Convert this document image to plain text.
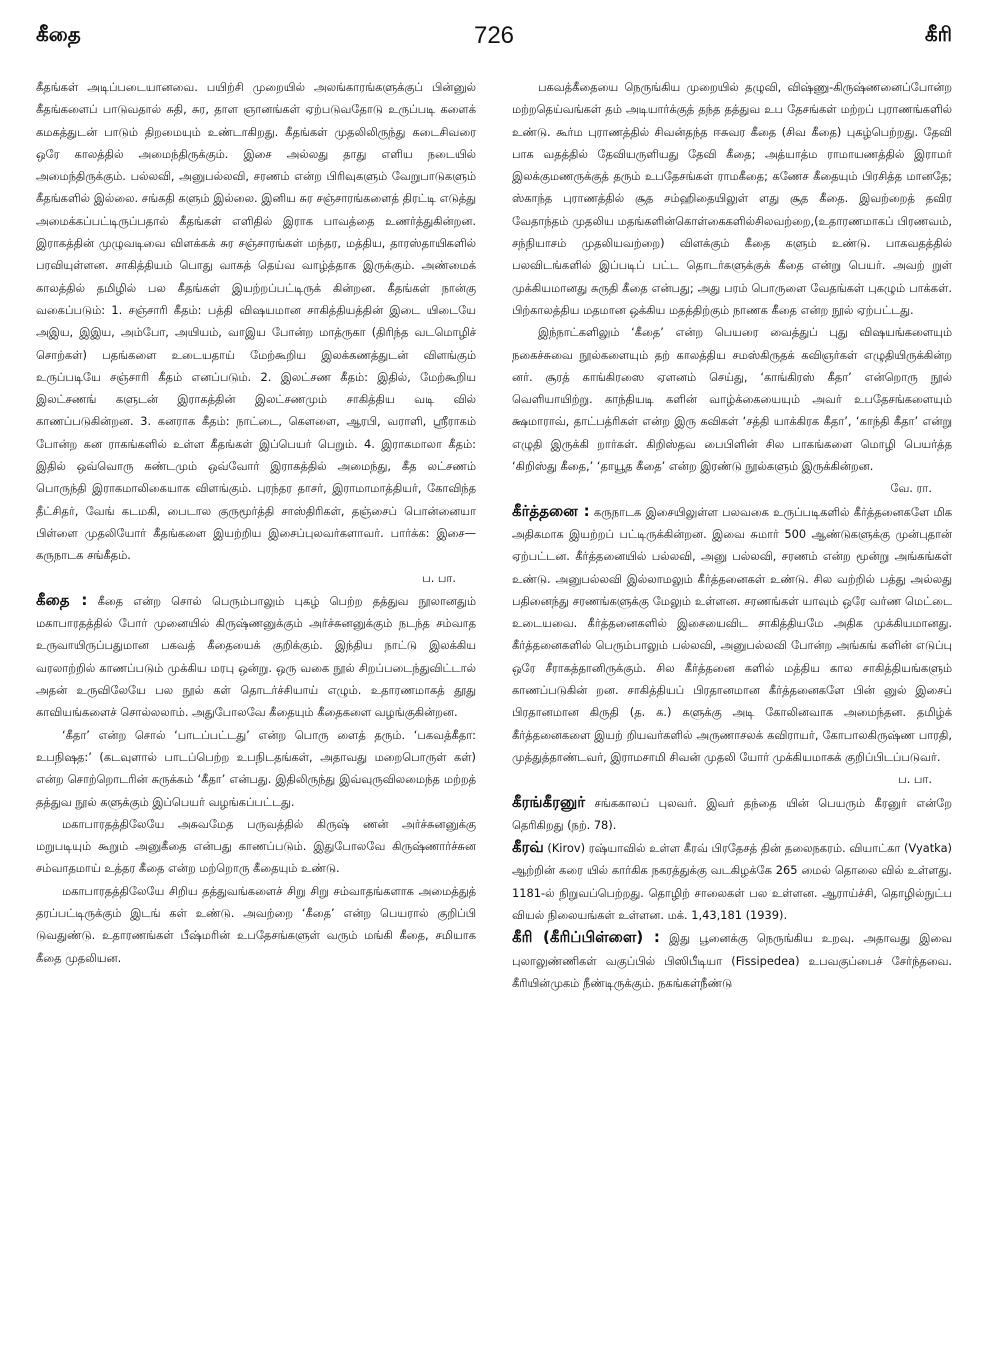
கீதை	726	கீரி

கீதங்கள் அடிப்படையானவை. பயிற்சி முறையில் அலங்காரங்களுக்குப் பின்னுல் கீதங்களைப் பாடுவதால் சுதி, சுர, தாள ஞானங்கள் ஏற்படுவதோடு உருப்படி களைக் கமகத்துடன் பாடும் திறமையும் உண்டாகிறது. கீதங்கள் முதலிலிருந்து கடைசிவரை ஒரே காலத்தில் அமைந்திருக்கும். இசை அல்லது தாது எளிய நடையில் அமைந்திருக்கும். பல்லவி, அனுபல்லவி, சரணம் என்ற பிரிவுகளும் வேறுபாடுகளும் கீதங்களில் இல்லை. சங்கதி களும் இல்லை. இனிய சுர சஞ்சாரங்களைத் திரட்டி எடுத்து அமைக்கப்பட்டிருப்பதால் கீதங்கள் எளிதில் இராக பாவத்தை உணர்த்துகின்றன. இராகத்தின் முழுவடிவை விளக்கக் சுர சஞ்சாரங்கள் மந்தர, மத்திய, தாரஸ்தாயிகளில் பரவியுள்ளன. சாகித்தியம் பொது வாகத் தெய்வ வாழ்த்தாக இருக்கும். அண்மைக் காலத்தில் தமிழில் பல கீதங்கள் இயற்றப்பட்டிருக் கின்றன. கீதங்கள் நான்கு வகைப்படும்: 1. சஞ்சாரி கீதம்: பத்தி விஷயமான சாகித்தியத்தின் இடை யிடையே அஇய, இஇய, அம்போ, அயியம், வாஇய போன்ற மாத்ருகா (திரிந்த வடமொழிச் சொற்கள்) பதங்களை உடையதாய் மேற்கூறிய இலக்கணத்துடன் விளங்கும் உருப்படியே சஞ்சாரி கீதம் எனப்படும். 2. இலட்சண கீதம்: இதில், மேற்கூறிய இலட்சணங் களுடன் இராகத்தின் இலட்சணமும் சாகித்திய வடி வில் காணப்படுகின்றன. 3. கனராக கீதம்: நாட்டை, கௌளை, ஆரபி, வராளி, ஸ்ரீராகம் போன்ற கன ராகங்களில் உள்ள கீதங்கள் இப்பெயர் பெறும். 4. இராகமாலா கீதம்: இதில் ஒவ்வொரு கண்டமும் ஒவ்வோர் இராகத்தில் அமைந்து, கீத லட்சணம் பொருந்தி இராகமாலிகையாக விளங்கும். புரந்தர தாசர், இராமாமாத்தியர், கோவிந்த தீட்சிதர், வேங் கடமகி, பைடால குருமூர்த்தி சாஸ்திரிகள், தஞ்சைப் பொன்னையா பிள்ளை முதலியோர் கீதங்களை இயற்றிய இசைப்புலவர்களாவர். பார்க்க: இசை—கருநாடக சங்கீதம்.

ப. பா.

கீதை : கீதை என்ற சொல் பெரும்பாலும் புகழ் பெற்ற தத்துவ நூலானதும் மகாபாரதத்தில் போர் முனையில் கிருஷ்ணனுக்கும் அர்ச்சுனனுக்கும் நடந்த சம்வாத உருவாயிருப்பதுமான பகவத் கீதையைக் குறிக்கும். இந்திய நாட்டு இலக்கிய வரலாற்றில் காணப்படும் முக்கிய மரபு ஒன்று. ஒரு வகை நூல் சிறப்படைந்துவிட்டால் அதன் உருவிலேயே பல நூல் கள் தொடர்ச்சியாய் எழும். உதாரணமாகத் தூது காவியங்களைச் சொல்லலாம். அதுபோலவே கீதையும் கீதைகளை வழங்குகின்றன.

‘கீதா’ என்ற சொல் ‘பாடப்பட்டது’ என்ற பொரு ளைத் தரும். ‘பகவத்கீதா: உபநிஷத:’ (கடவுளால் பாடப்பெற்ற உபநிடதங்கள், அதாவது மறைபொருள் கள்) என்ற சொற்றொடரின் சுருக்கம் ‘கீதா’ என்பது. இதிலிருந்து இவ்வுருவிலமைந்த மற்றத் தத்துவ நூல் களுக்கும் இப்பெயர் வழங்கப்பட்டது.

மகாபாரதத்திலேயே அசுவமேத பருவத்தில் கிருஷ் ணன் அர்ச்சுனனுக்கு மறுபடியும் கூறும் அனுகீதை என்பது காணப்படும். இதுபோலவே கிருஷ்ணார்ச்சுன சம்வாதமாய் உத்தர கீதை என்ற மற்றொரு கீதையும் உண்டு.

மகாபாரதத்திலேயே சிறிய தத்துவங்களைச் சிறு சிறு சம்வாதங்களாக அமைத்துத் தரப்பட்டிருக்கும் இடங் கள் உண்டு. அவற்றை ‘கீதை’ என்ற பெயரால் குறிப்பி டுவதுண்டு. உதாரணங்கள் பீஷ்மரின் உபதேசங்களுள் வரும் மங்கி கீதை, சமியாக கீதை முதலியன.

பகவத்கீதையை நெருங்கிய முறையில் தழுவி, விஷ்ணு-கிருஷ்ணனைப்போன்ற மற்றதெய்வங்கள் தம் அடியார்க்குத் தந்த தத்துவ உப தேசங்கள் மற்றப் புராணங்களில் உண்டு. கூர்ம புராணத்தில் சிவன்தந்த ஈசுவர கீதை (சிவ கீதை) புகழ்பெற்றது. தேவி பாக வதத்தில் தேவியருளியது தேவி கீதை; அத்யாத்ம ராமாயணத்தில் இராமர் இலக்குமணருக்குத் தரும் உபதேசங்கள் ராமகீதை; கணேச கீதையும் பிரசித்த மானதே; ஸ்காந்த புராணத்தில் சூத சம்ஹிதையிலுள் ளது சூத கீதை. இவற்றைத் தவிர வேதாந்தம் முதலிய மதங்களின்கொள்கைகளில்சிலவற்றை,(உதாரணமாகப் பிரணவம், சந்நியாசம் முதலியவற்றை) விளக்கும் கீதை களும் உண்டு. பாகவதத்தில் பலவிடங்களில் இப்படிப் பட்ட தொடர்களுக்குக் கீதை என்று பெயர். அவற் றுள் முக்கியமானது சுருதி கீதை என்பது; அது பரம் பொருளை வேதங்கள் புகழும் பாக்கள். பிற்காலத்திய மதமான ஒக்கிய மதத்திற்கும் நாணக கீதை என்ற நூல் ஏற்பட்டது.

இந்நாட்களிலும் ‘கீதை’ என்ற பெயரை வைத்துப் புது விஷயங்களையும் நகைச்சுவை நூல்களையும் தற் காலத்திய சமஸ்கிருதக் கவிஞர்கள் எழுதியிருக்கின்ற னர். சூரத் காங்கிரஸை ஏளனம் செய்து, ‘காங்கிரஸ் கீதா’ என்றொரு நூல் வெளியாயிற்று. காந்தியடி களின் வாழ்க்கையையும் அவர் உபதேசங்களையும் க்ஷமாராவ், தாட்பத்ரிகள் என்ற இரு கவிகள் ‘சத்தி யாக்கிரக கீதா’, ‘காந்தி கீதா’ என்று எழுதி இருக்கி றார்கள். கிறிஸ்தவ பைபிளின் சில பாகங்களை மொழி பெயர்த்த ‘கிறிஸ்து கீதை,’ ‘தாயூத கீதை’ என்ற இரண்டு நூல்களும் இருக்கின்றன.

வே. ரா.

கீர்த்தனை : கருநாடக இசையிலுள்ள பலவகை உருப்படிகளில் கீர்த்தனைகளே மிக அதிகமாக இயற்றப் பட்டிருக்கின்றன. இவை சுமார் 500 ஆண்டுகளுக்கு முன்புதான் ஏற்பட்டன. கீர்த்தனையில் பல்லவி, அனு பல்லவி, சரணம் என்ற மூன்று அங்கங்கள் உண்டு. அனுபல்லவி இல்லாமலும் கீர்த்தனைகள் உண்டு. சில வற்றில் பத்து அல்லது பதினைந்து சரணங்களுக்கு மேலும் உள்ளன. சரணங்கள் யாவும் ஒரே வர்ண மெட்டை உடையவை. கீர்த்தனைகளில் இசையைவிட சாகித்தியமே அதிக முக்கியமானது. கீர்த்தனைகளில் பெரும்பாலும் பல்லவி, அனுபல்லவி போன்ற அங்கங் களின் எடுப்பு ஒரே சீராகத்தானிருக்கும். சில கீர்த்தனை களில் மத்திய கால சாகித்தியங்களும் காணப்படுகின் றன. சாகித்தியப் பிரதானமான கீர்த்தனைகளே பின் னுல் இசைப் பிரதானமான கிருதி (த. க.) களுக்கு அடி கோலினவாக அமைந்தன. தமிழ்க் கீர்த்தனைகளை இயற் றியவர்களில் அருணாசலக் கவிராயர், கோபாலகிருஷ்ண பாரதி, முத்துத்தாண்டவர், இராமசாமி சிவன் முதலி யோர் முக்கியமாகக் குறிப்பிடப்படுவர்.

ப. பா.

கீரங்கீரனுர் சங்ககாலப் புலவர். இவர் தந்தை யின் பெயரும் கீரனுர் என்றே தெரிகிறது (நற். 78).

கீரவ் (Kirov) ரஷ்யாவில் உள்ள கீரவ் பிரதேசத் தின் தலைநகரம். வியாட்கா (Vyatka) ஆற்றின் கரை யில் கார்கிக நகரத்துக்கு வடகிழக்கே 265 மைல் தொலை வில் உள்ளது. 1181-ல் நிறுவப்பெற்றது. தொழிற் சாலைகள் பல உள்ளன. ஆராய்ச்சி, தொழில்நுட்ப வியல் நிலையங்கள் உள்ளன. மக். 1,43,181 (1939).

கீரி (கீரிப்பிள்ளை) : இது பூனைக்கு நெருங்கிய உறவு. அதாவது இவை புலாலுண்ணிகள் வகுப்பில் பிஸிபீடியா (Fissipedea) உபவகுப்பைச் சேர்ந்தவை. கீரியின்முகம் நீண்டிருக்கும். நகங்கள்நீண்டு
